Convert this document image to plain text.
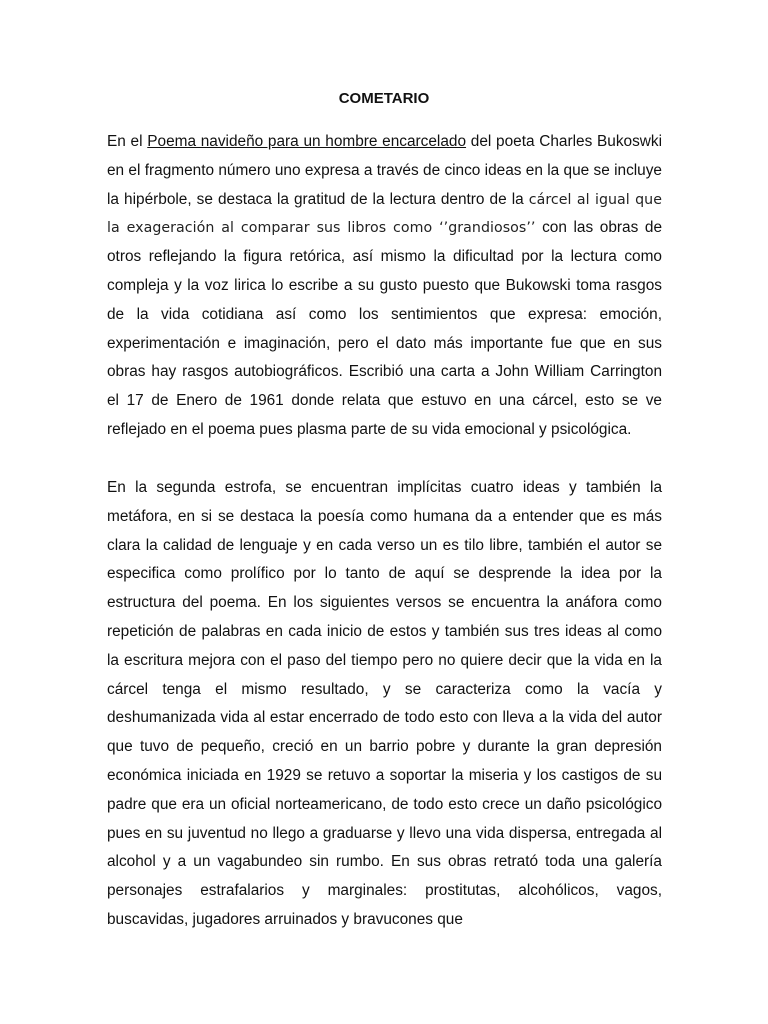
COMETARIO

En el Poema navideño para un hombre encarcelado del poeta Charles Bukoswki en el fragmento número uno expresa a través de cinco ideas en la que se incluye la hipérbole, se destaca la gratitud de la lectura dentro de la cárcel al igual que la exageración al comparar sus libros como ‘’grandiosos’’ con las obras de otros reflejando la figura retórica, así mismo la dificultad por la lectura como compleja y la voz lirica lo escribe a su gusto puesto que Bukowski toma rasgos de la vida cotidiana así como los sentimientos que expresa: emoción, experimentación e imaginación, pero el dato más importante fue que en sus obras hay rasgos autobiográficos. Escribió una carta a John William Carrington el 17 de Enero de 1961 donde relata que estuvo en una cárcel, esto se ve reflejado en el poema pues plasma parte de su vida emocional y psicológica.

En la segunda estrofa, se encuentran implícitas cuatro ideas y también la metáfora, en si se destaca la poesía como humana da a entender que es más clara la calidad de lenguaje y en cada verso un es tilo libre, también el autor se especifica como prolífico por lo tanto de aquí se desprende la idea por la estructura del poema. En los siguientes versos se encuentra la anáfora como repetición de palabras en cada inicio de estos y también sus tres ideas al como la escritura mejora con el paso del tiempo pero no quiere decir que la vida en la cárcel tenga el mismo resultado, y se caracteriza como la vacía y deshumanizada vida al estar encerrado de todo esto con lleva a la vida del autor que tuvo de pequeño, creció en un barrio pobre y durante la gran depresión económica iniciada en 1929 se retuvo a soportar la miseria y los castigos de su padre que era un oficial norteamericano, de todo esto crece un daño psicológico pues en su juventud no llego a graduarse y llevo una vida dispersa, entregada al alcohol y a un vagabundeo sin rumbo. En sus obras retrató toda una galería personajes estrafalarios y marginales: prostitutas, alcohólicos, vagos, buscavidas, jugadores arruinados y bravucones que
